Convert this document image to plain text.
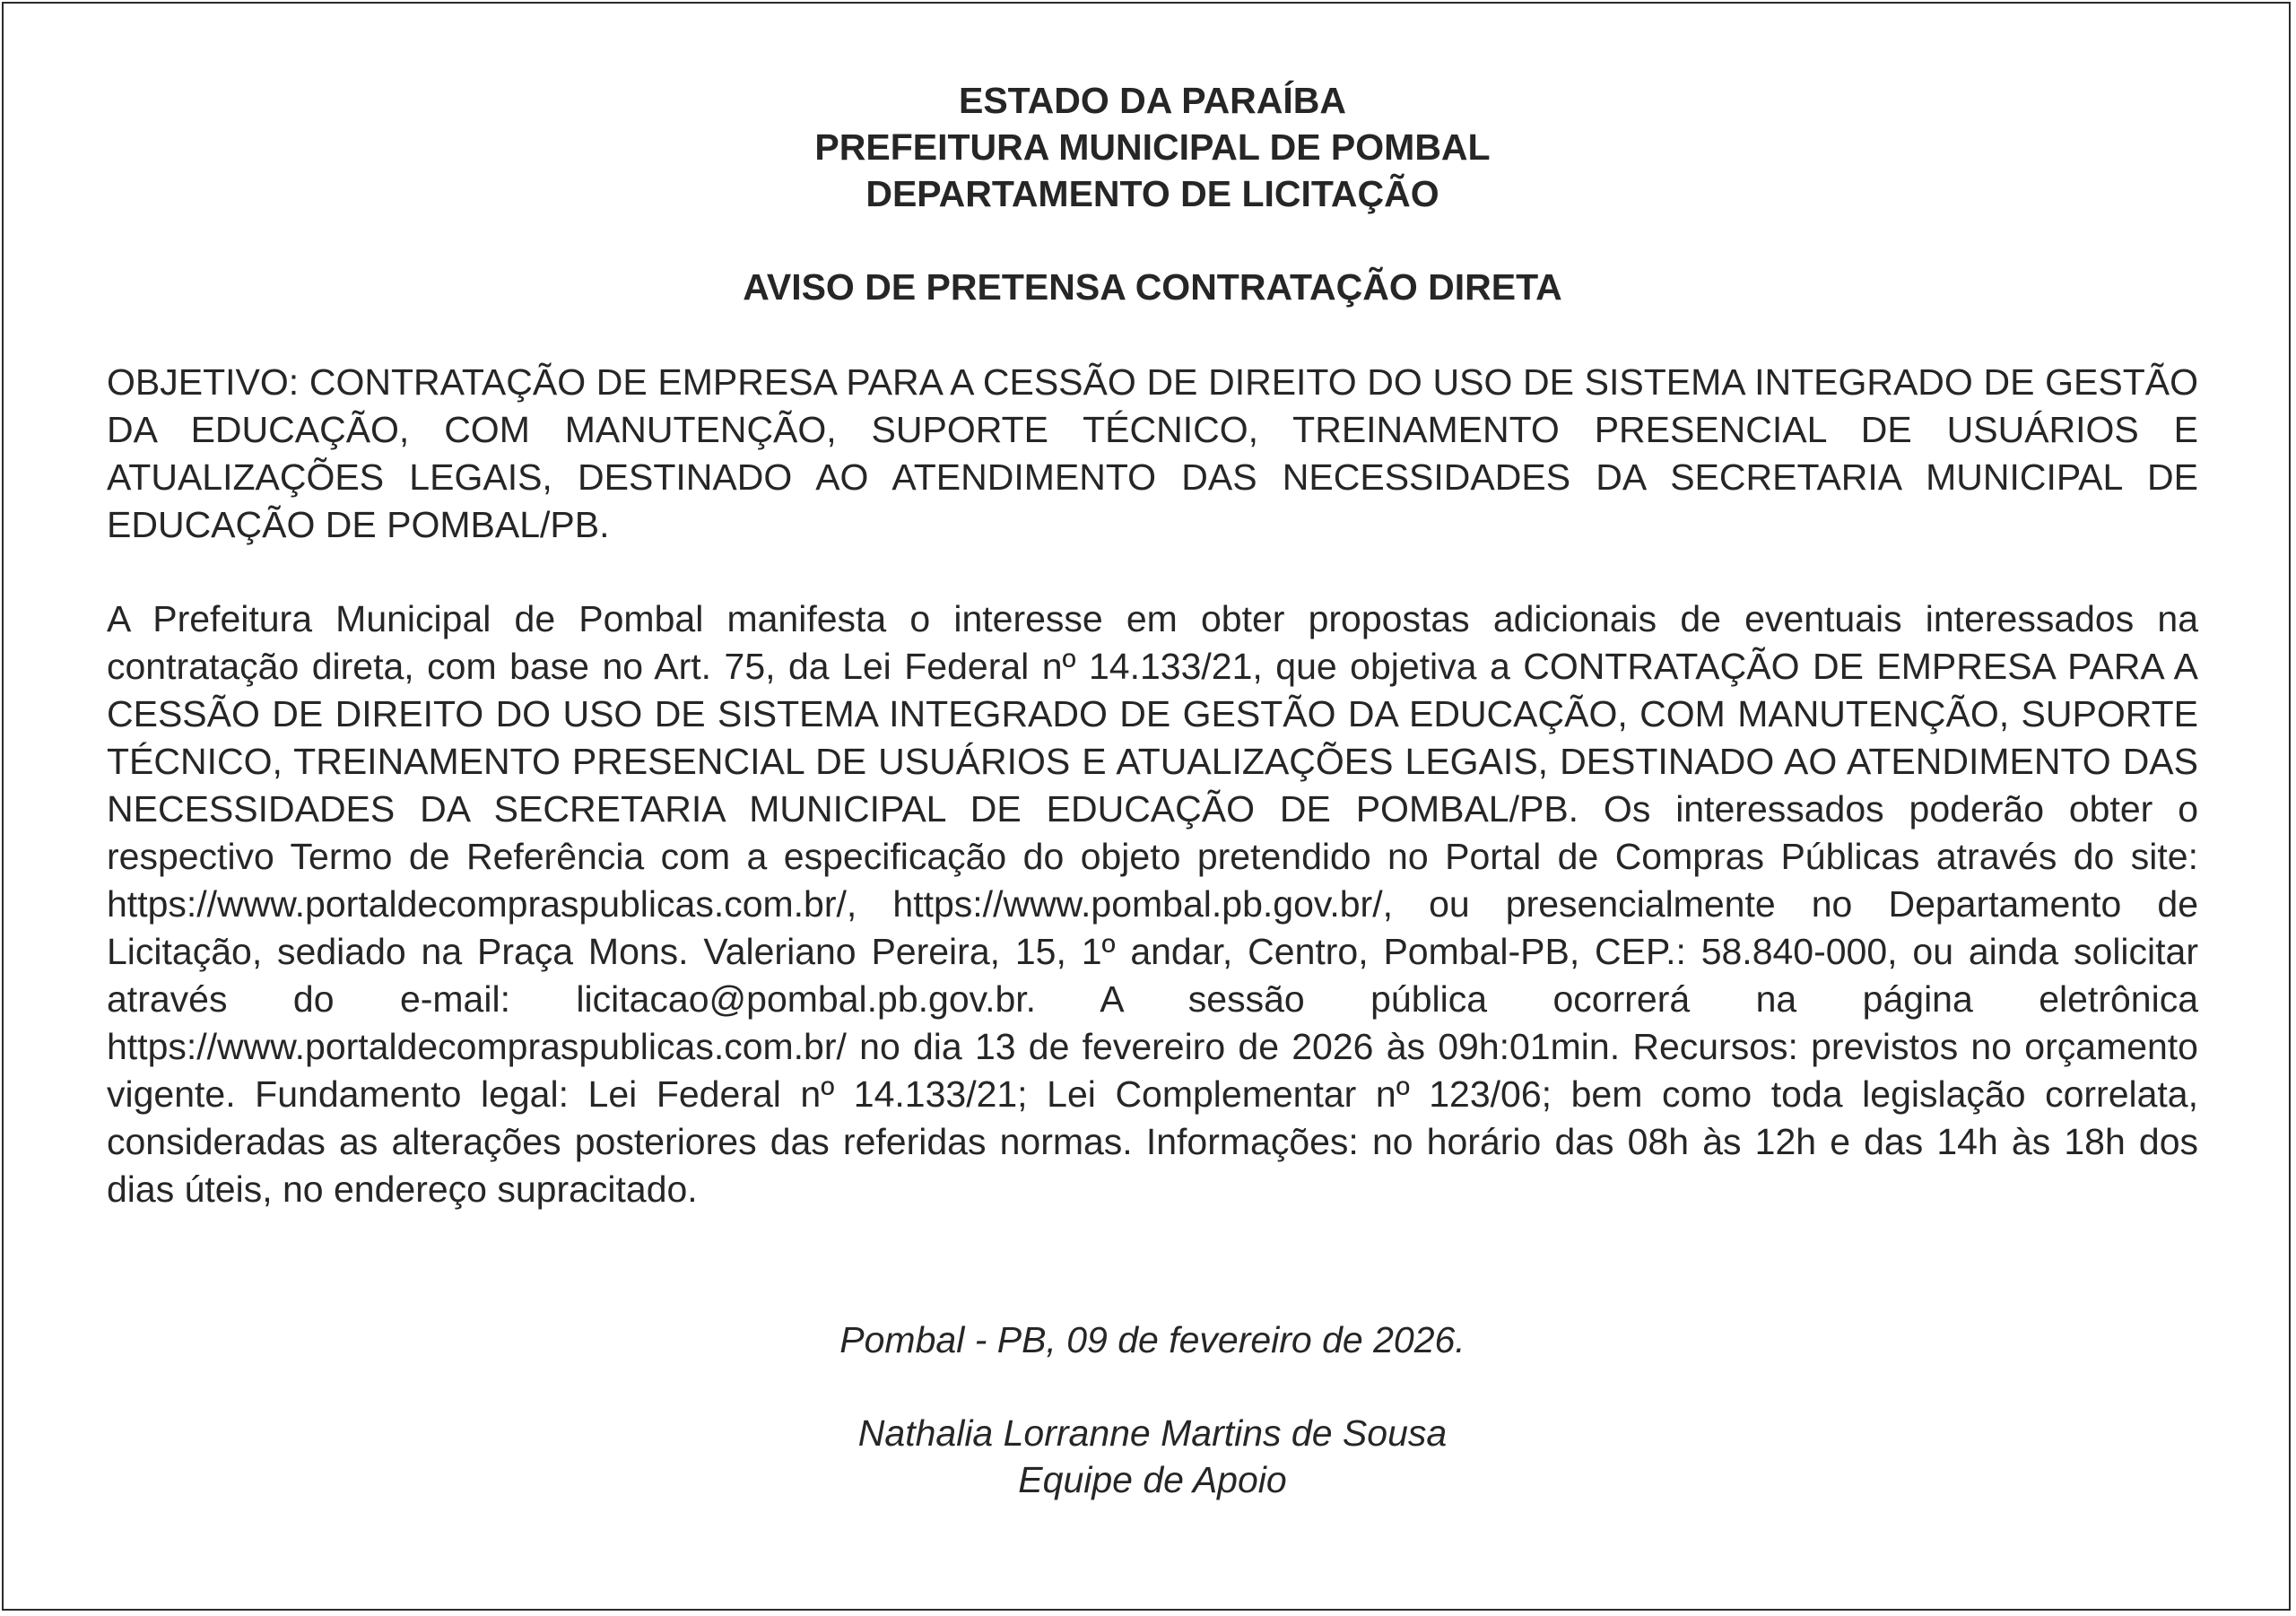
ESTADO DA PARAÍBA
PREFEITURA MUNICIPAL DE POMBAL
DEPARTAMENTO DE LICITAÇÃO
AVISO DE PRETENSA CONTRATAÇÃO DIRETA
OBJETIVO: CONTRATAÇÃO DE EMPRESA PARA A CESSÃO DE DIREITO DO USO DE SISTEMA INTEGRADO DE GESTÃO DA EDUCAÇÃO, COM MANUTENÇÃO, SUPORTE TÉCNICO, TREINAMENTO PRESENCIAL DE USUÁRIOS E ATUALIZAÇÕES LEGAIS, DESTINADO AO ATENDIMENTO DAS NECESSIDADES DA SECRETARIA MUNICIPAL DE EDUCAÇÃO DE POMBAL/PB.
A Prefeitura Municipal de Pombal manifesta o interesse em obter propostas adicionais de eventuais interessados na contratação direta, com base no Art. 75, da Lei Federal nº 14.133/21, que objetiva a CONTRATAÇÃO DE EMPRESA PARA A CESSÃO DE DIREITO DO USO DE SISTEMA INTEGRADO DE GESTÃO DA EDUCAÇÃO, COM MANUTENÇÃO, SUPORTE TÉCNICO, TREINAMENTO PRESENCIAL DE USUÁRIOS E ATUALIZAÇÕES LEGAIS, DESTINADO AO ATENDIMENTO DAS NECESSIDADES DA SECRETARIA MUNICIPAL DE EDUCAÇÃO DE POMBAL/PB. Os interessados poderão obter o respectivo Termo de Referência com a especificação do objeto pretendido no Portal de Compras Públicas através do site: https://www.portaldecompraspublicas.com.br/, https://www.pombal.pb.gov.br/, ou presencialmente no Departamento de Licitação, sediado na Praça Mons. Valeriano Pereira, 15, 1º andar, Centro, Pombal-PB, CEP.: 58.840-000, ou ainda solicitar através do e-mail: licitacao@pombal.pb.gov.br. A sessão pública ocorrerá na página eletrônica https://www.portaldecompraspublicas.com.br/ no dia 13 de fevereiro de 2026 às 09h:01min. Recursos: previstos no orçamento vigente. Fundamento legal: Lei Federal nº 14.133/21; Lei Complementar nº 123/06; bem como toda legislação correlata, consideradas as alterações posteriores das referidas normas. Informações: no horário das 08h às 12h e das 14h às 18h dos dias úteis, no endereço supracitado.
Pombal - PB, 09 de fevereiro de 2026.
Nathalia Lorranne Martins de Sousa
Equipe de Apoio
